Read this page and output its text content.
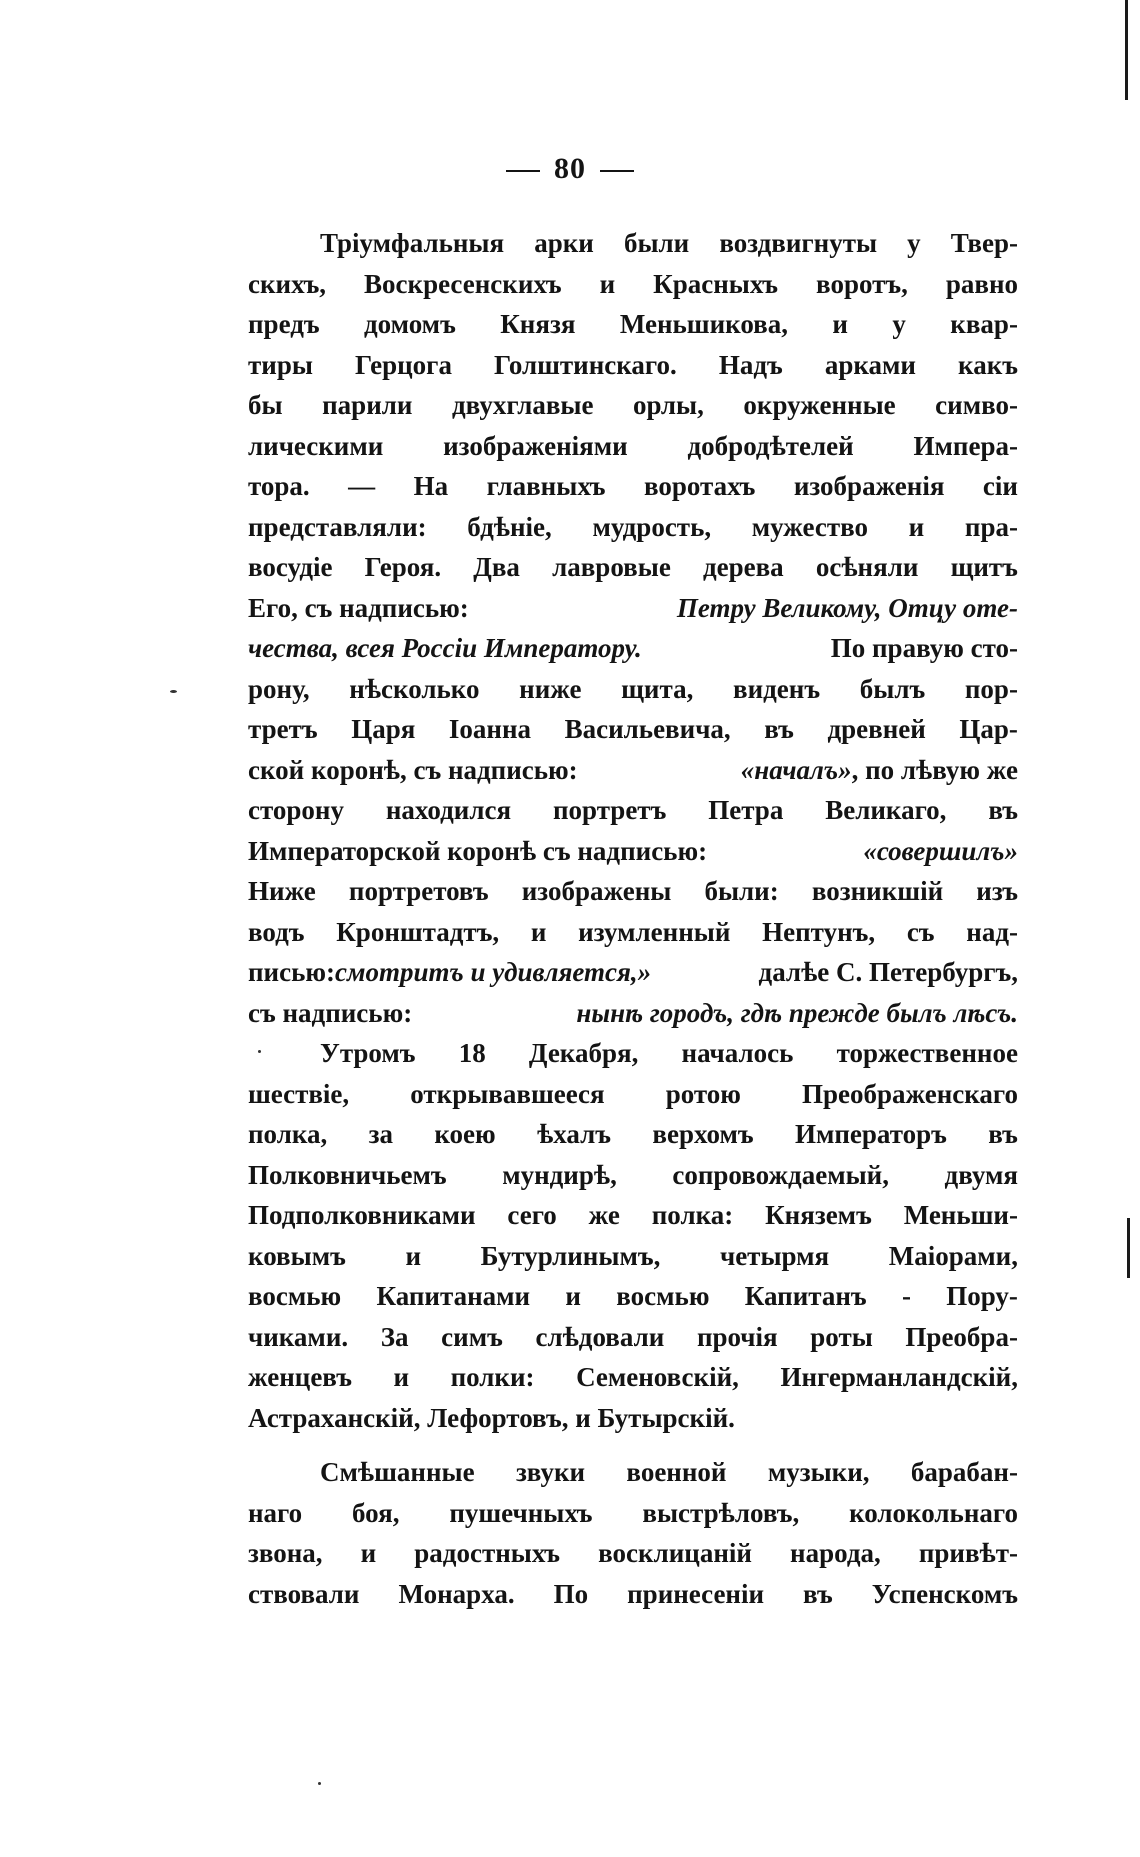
80
Тріумфальныя арки были воздвигнуты у Твер-
скихъ, Воскресенскихъ и Красныхъ воротъ, равно
предъ домомъ Князя Меньшикова, и у квар-
тиры Герцога Голштинскаго. Надъ арками какъ
бы парили двухглавые орлы, окруженные симво-
лическими изображеніями добродѣтелей Импера-
тора. — На главныхъ воротахъ изображенія сіи
представляли: бдѣніе, мудрость, мужество и пра-
восудіе Героя. Два лавровые дерева осѣняли щитъ
Его, съ надписью:	Петру Великому, Отцу оте-
чества, всея Россіи Императору.	По правую сто-
рону, нѣсколько ниже щита, виденъ былъ пор-
третъ Царя Іоанна Васильевича, въ древней Цар-
ской коронѣ, съ надписью:	«началъ», по лѣвую же
сторону находился портретъ Петра Великаго, въ
Императорской коронѣ съ надписью:	«совершилъ»
Ниже портретовъ изображены были: возникшій изъ
водъ Кронштадтъ, и изумленный Нептунъ, съ над-
писью:смотритъ и удивляется,»	далѣе С. Петербургъ,
съ надписью:	нынѣ городъ, гдѣ прежде былъ лѣсъ.
Утромъ 18 Декабря, началось торжественное
шествіе, открывавшееся ротою Преображенскаго
полка, за коею ѣхалъ верхомъ Императоръ въ
Полковничьемъ мундирѣ, сопровождаемый, двумя
Подполковниками сего же полка: Княземъ Меньши-
ковымъ и Бутурлинымъ, четырмя Маіорами,
восмью Капитанами и восмью Капитанъ - Пору-
чиками. За симъ слѣдовали прочія роты Преобра-
женцевъ и полки: Семеновскій, Ингерманландскій,
Астраханскій, Лефортовъ, и Бутырскій.
Смѣшанные звуки военной музыки, барабан-
наго боя, пушечныхъ выстрѣловъ, колокольнаго
звона, и радостныхъ восклицаній народа, привѣт-
ствовали Монарха. По принесеніи въ Успенскомъ
